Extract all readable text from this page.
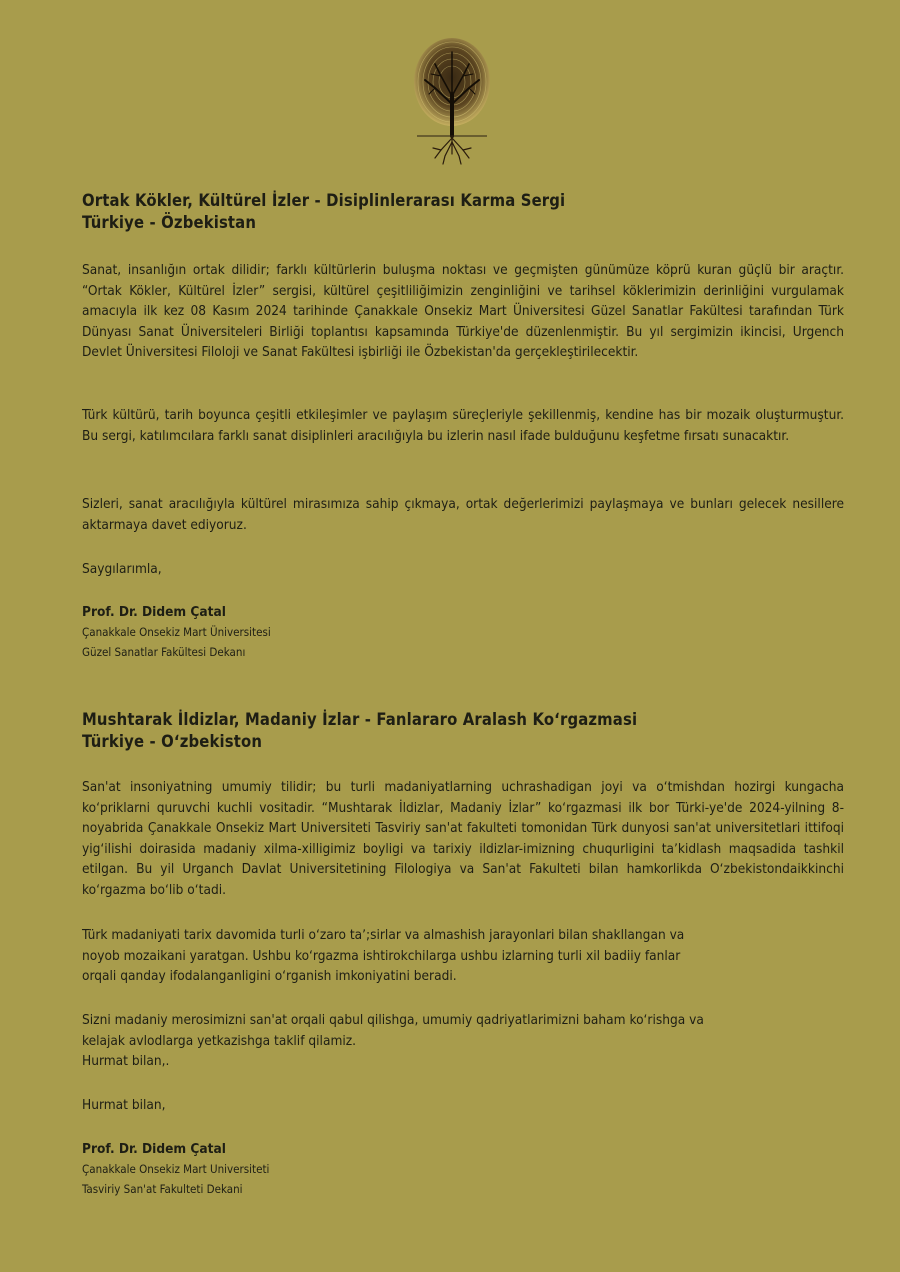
Ortak Kökler, Kültürel İzler - Disiplinlerarası Karma Sergi

Türkiye - Özbekistan

Sanat, insanlığın ortak dilidir; farklı kültürlerin buluşma noktası ve geçmişten günümüze köprü kuran güçlü bir araçtır. “Ortak Kökler, Kültürel İzler” sergisi, kültürel çeşitliliğimizin zenginliğini ve tarihsel köklerimizin derinliğini vurgulamak amacıyla ilk kez 08 Kasım 2024 tarihinde Çanakkale Onsekiz Mart Üniversitesi Güzel Sanatlar Fakültesi tarafından Türk Dünyası Sanat Üniversiteleri Birliği toplantısı kapsamında Türkiye'de düzenlenmiştir. Bu yıl sergimizin ikincisi, Urgench Devlet Üniversitesi Filoloji ve Sanat Fakültesi işbirliği ile Özbekistan'da gerçekleştirilecektir.

Türk kültürü, tarih boyunca çeşitli etkileşimler ve paylaşım süreçleriyle şekillenmiş, kendine has bir mozaik oluşturmuştur. Bu sergi, katılımcılara farklı sanat disiplinleri aracılığıyla bu izlerin nasıl ifade bulduğunu keşfetme fırsatı sunacaktır.

Sizleri, sanat aracılığıyla kültürel mirasımıza sahip çıkmaya, ortak değerlerimizi paylaşmaya ve bunları gelecek nesillere aktarmaya davet ediyoruz.

Saygılarımla,

Prof. Dr. Didem Çatal

Çanakkale Onsekiz Mart Üniversitesi

Güzel Sanatlar Fakültesi Dekanı

Mushtarak İldizlar, Madaniy İzlar - Fanlararo Aralash Koʻrgazmasi

Türkiye - Oʻzbekiston

San'at insoniyatning umumiy tilidir; bu turli madaniyatlarning uchrashadigan joyi va oʻtmishdan hozirgi kungacha koʻpriklarni quruvchi kuchli vositadir. “Mushtarak İldizlar, Madaniy İzlar” koʻrgazmasi ilk bor Türki-ye'de 2024-yilning 8-noyabrida Çanakkale Onsekiz Mart Universiteti Tasviriy san'at fakulteti tomonidan Türk dunyosi san'at universitetlari ittifoqi yigʻilishi doirasida madaniy xilma-xilligimiz boyligi va tarixiy ildizlar-imizning chuqurligini taʼkidlash maqsadida tashkil etilgan. Bu yil Urganch Davlat Universitetining Filologiya va San'at Fakulteti bilan hamkorlikda Oʻzbekistondaikkinchi koʻrgazma boʻlib oʻtadi.

Türk madaniyati tarix davomida turli oʻzaro taʼ;sirlar va almashish jarayonlari bilan shakllangan va
noyob mozaikani yaratgan. Ushbu koʻrgazma ishtirokchilarga ushbu izlarning turli xil badiiy fanlar
orqali qanday ifodalanganligini oʻrganish imkoniyatini beradi.

Sizni madaniy merosimizni san'at orqali qabul qilishga, umumiy qadriyatlarimizni baham koʻrishga va
kelajak avlodlarga yetkazishga taklif qilamiz.
Hurmat bilan,.

Hurmat bilan,

Prof. Dr. Didem Çatal

Çanakkale Onsekiz Mart Universiteti

Tasviriy San'at Fakulteti Dekani
